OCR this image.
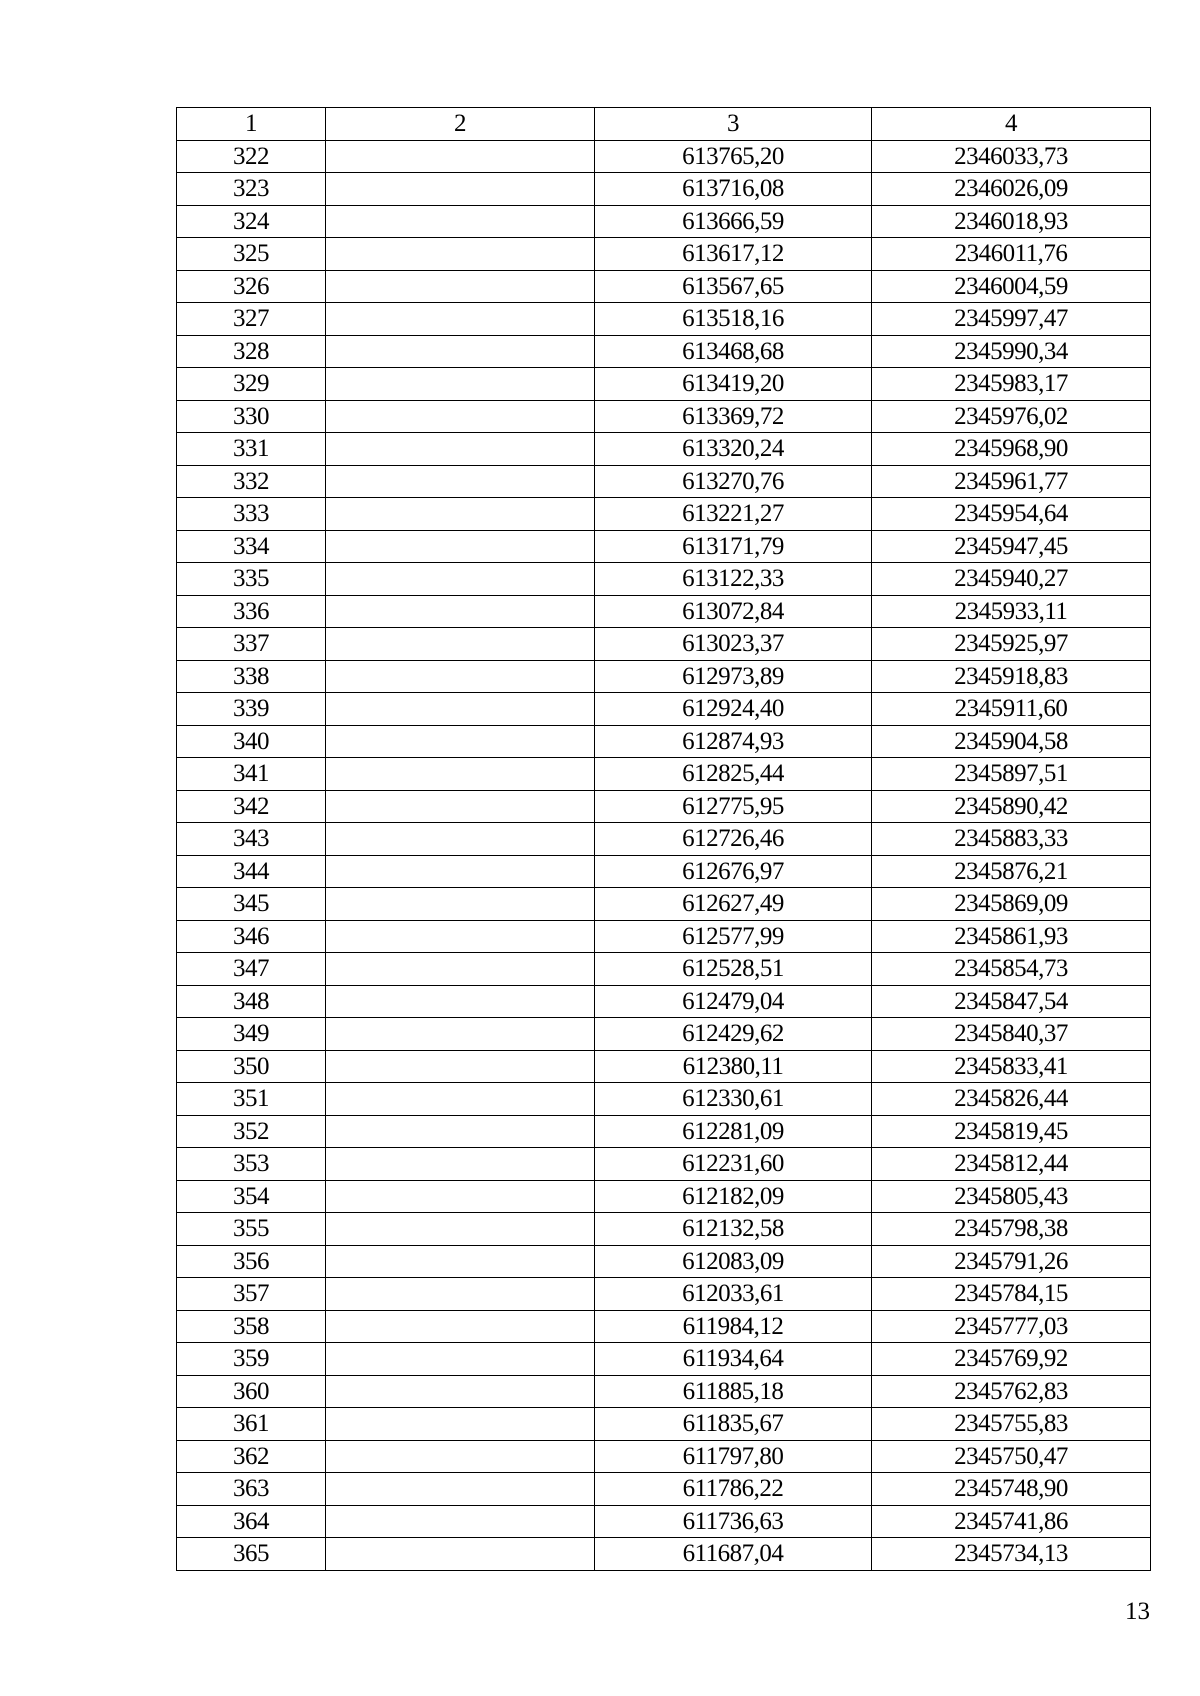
1	2	3	4
322		613765,20	2346033,73
323		613716,08	2346026,09
324		613666,59	2346018,93
325		613617,12	2346011,76
326		613567,65	2346004,59
327		613518,16	2345997,47
328		613468,68	2345990,34
329		613419,20	2345983,17
330		613369,72	2345976,02
331		613320,24	2345968,90
332		613270,76	2345961,77
333		613221,27	2345954,64
334		613171,79	2345947,45
335		613122,33	2345940,27
336		613072,84	2345933,11
337		613023,37	2345925,97
338		612973,89	2345918,83
339		612924,40	2345911,60
340		612874,93	2345904,58
341		612825,44	2345897,51
342		612775,95	2345890,42
343		612726,46	2345883,33
344		612676,97	2345876,21
345		612627,49	2345869,09
346		612577,99	2345861,93
347		612528,51	2345854,73
348		612479,04	2345847,54
349		612429,62	2345840,37
350		612380,11	2345833,41
351		612330,61	2345826,44
352		612281,09	2345819,45
353		612231,60	2345812,44
354		612182,09	2345805,43
355		612132,58	2345798,38
356		612083,09	2345791,26
357		612033,61	2345784,15
358		611984,12	2345777,03
359		611934,64	2345769,92
360		611885,18	2345762,83
361		611835,67	2345755,83
362		611797,80	2345750,47
363		611786,22	2345748,90
364		611736,63	2345741,86
365		611687,04	2345734,13
13
